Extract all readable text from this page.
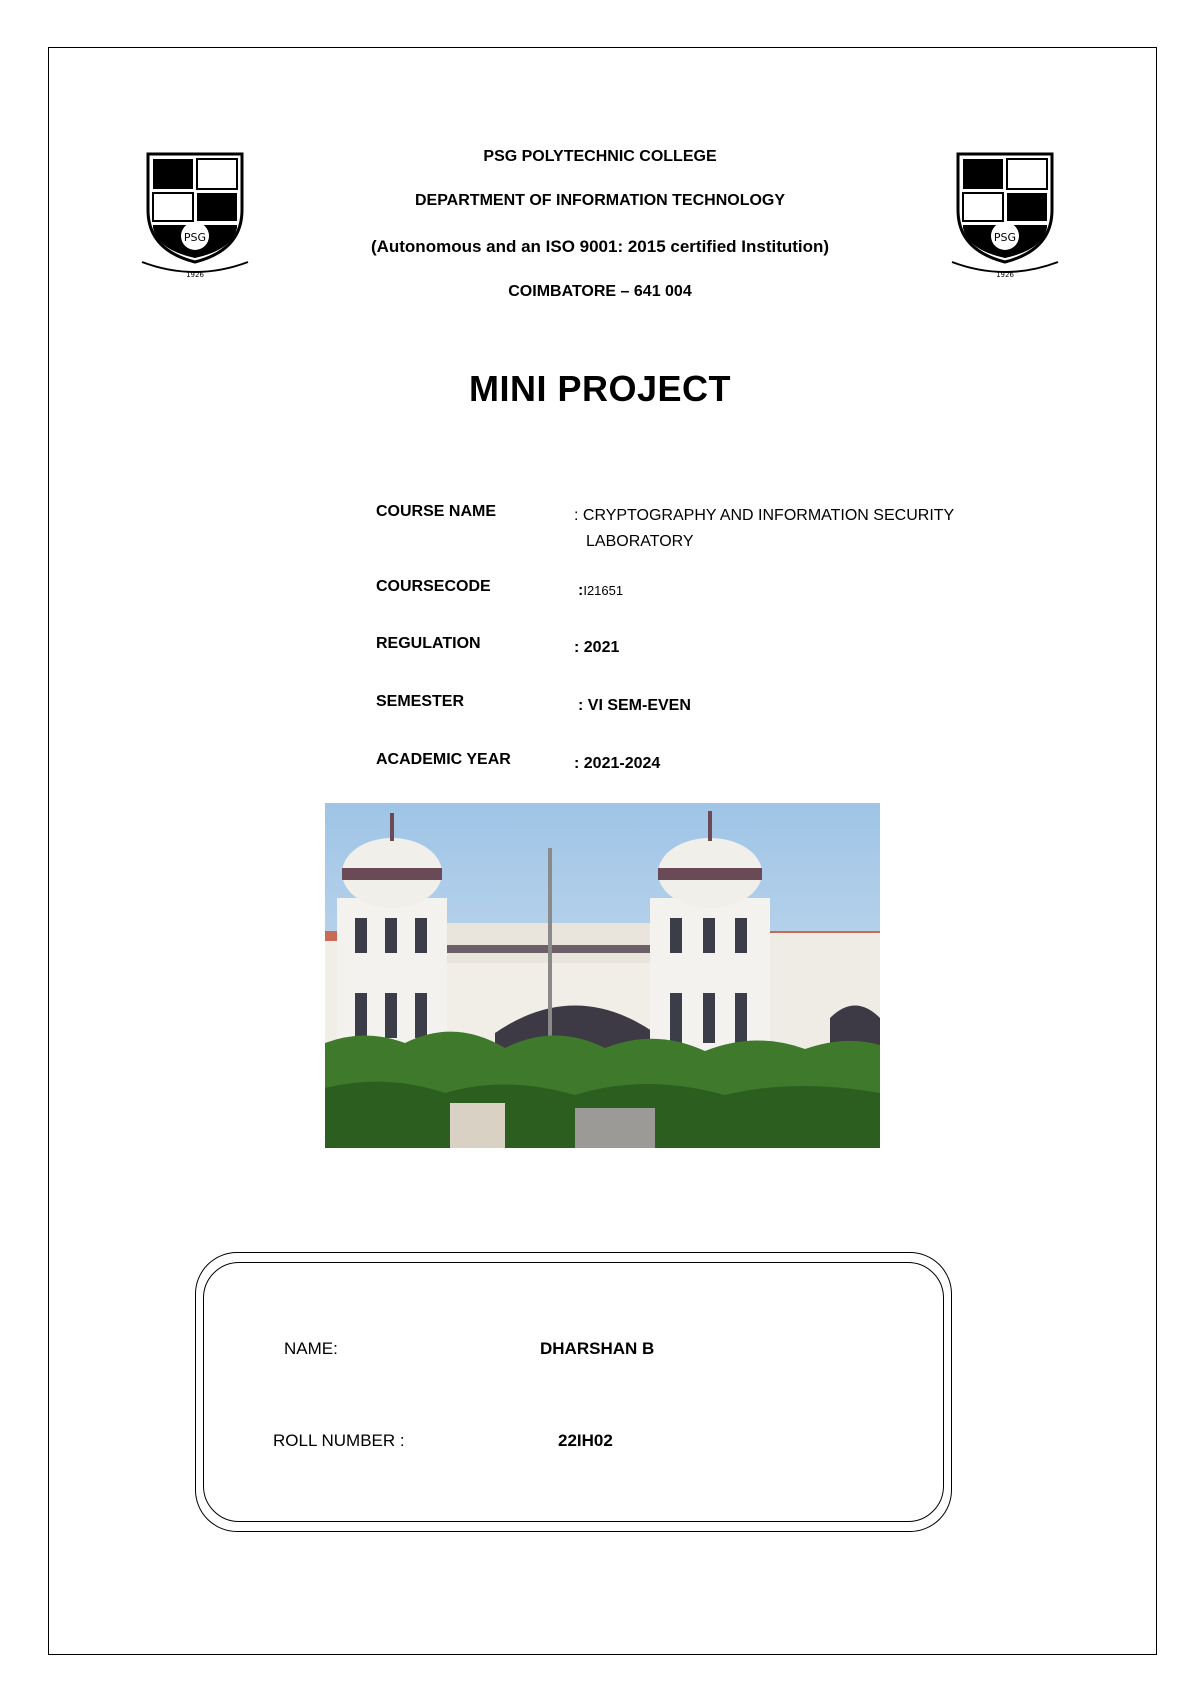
PSG
1926
PSG
1926
PSG POLYTECHNIC COLLEGE
DEPARTMENT OF INFORMATION TECHNOLOGY
(Autonomous and an ISO 9001: 2015 certified Institution)
COIMBATORE – 641 004
MINI PROJECT
COURSE NAME	: CRYPTOGRAPHY AND INFORMATION SECURITY
LABORATORY
COURSECODE	:I21651
REGULATION	: 2021
SEMESTER	: VI SEM-EVEN
ACADEMIC YEAR	: 2021-2024
NAME:	DHARSHAN B
ROLL NUMBER :	22IH02
